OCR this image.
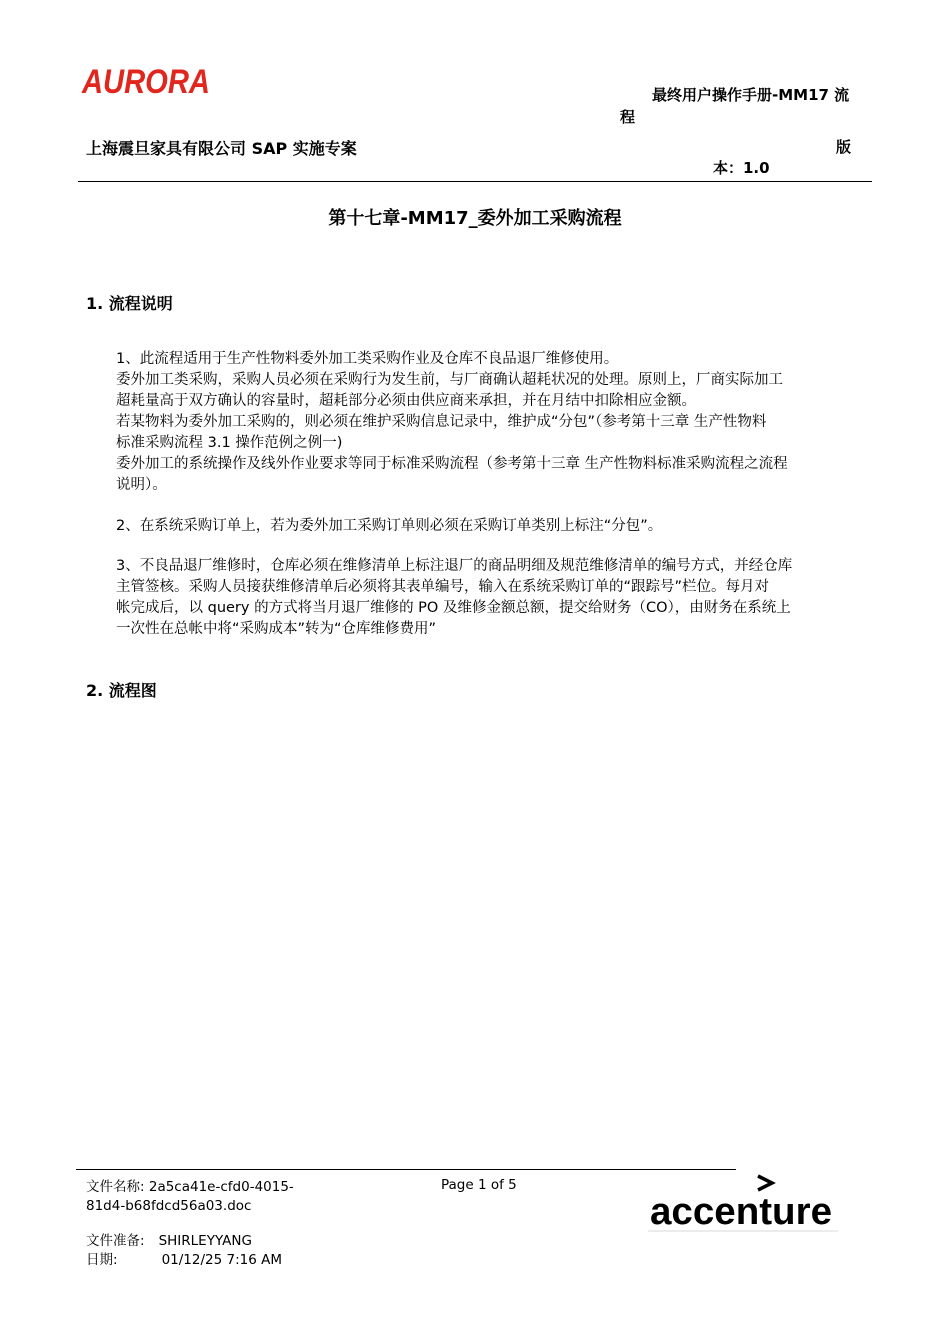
AURORA	最终用户操作手册-MM17 流
程
上海震旦家具有限公司 SAP 实施专案	版
本：1.0
第十七章-MM17_委外加工采购流程
1. 流程说明
1、此流程适用于生产性物料委外加工类采购作业及仓库不良品退厂维修使用。
委外加工类采购，采购人员必须在采购行为发生前，与厂商确认超耗状况的处理。原则上，厂商实际加工
超耗量高于双方确认的容量时，超耗部分必须由供应商来承担，并在月结中扣除相应金额。
若某物料为委外加工采购的，则必须在维护采购信息记录中，维护成“分包”（参考第十三章 生产性物料
标准采购流程 3.1 操作范例之例一)
委外加工的系统操作及线外作业要求等同于标准采购流程（参考第十三章 生产性物料标准采购流程之流程
说明）。
2、在系统采购订单上，若为委外加工采购订单则必须在采购订单类别上标注“分包”。
3、不良品退厂维修时，仓库必须在维修清单上标注退厂的商品明细及规范维修清单的编号方式，并经仓库
主管签核。采购人员接获维修清单后必须将其表单编号，输入在系统采购订单的“跟踪号”栏位。每月对
帐完成后，以 query 的方式将当月退厂维修的 PO 及维修金额总额，提交给财务（CO），由财务在系统上
一次性在总帐中将“采购成本”转为“仓库维修费用”
2. 流程图
文件名称: 2a5ca41e-cfd0-4015-
81d4-b68fdcd56a03.doc
Page 1 of 5
文件准备: SHIRLEYYANG
日期:	01/12/25 7:16 AM
accenture
